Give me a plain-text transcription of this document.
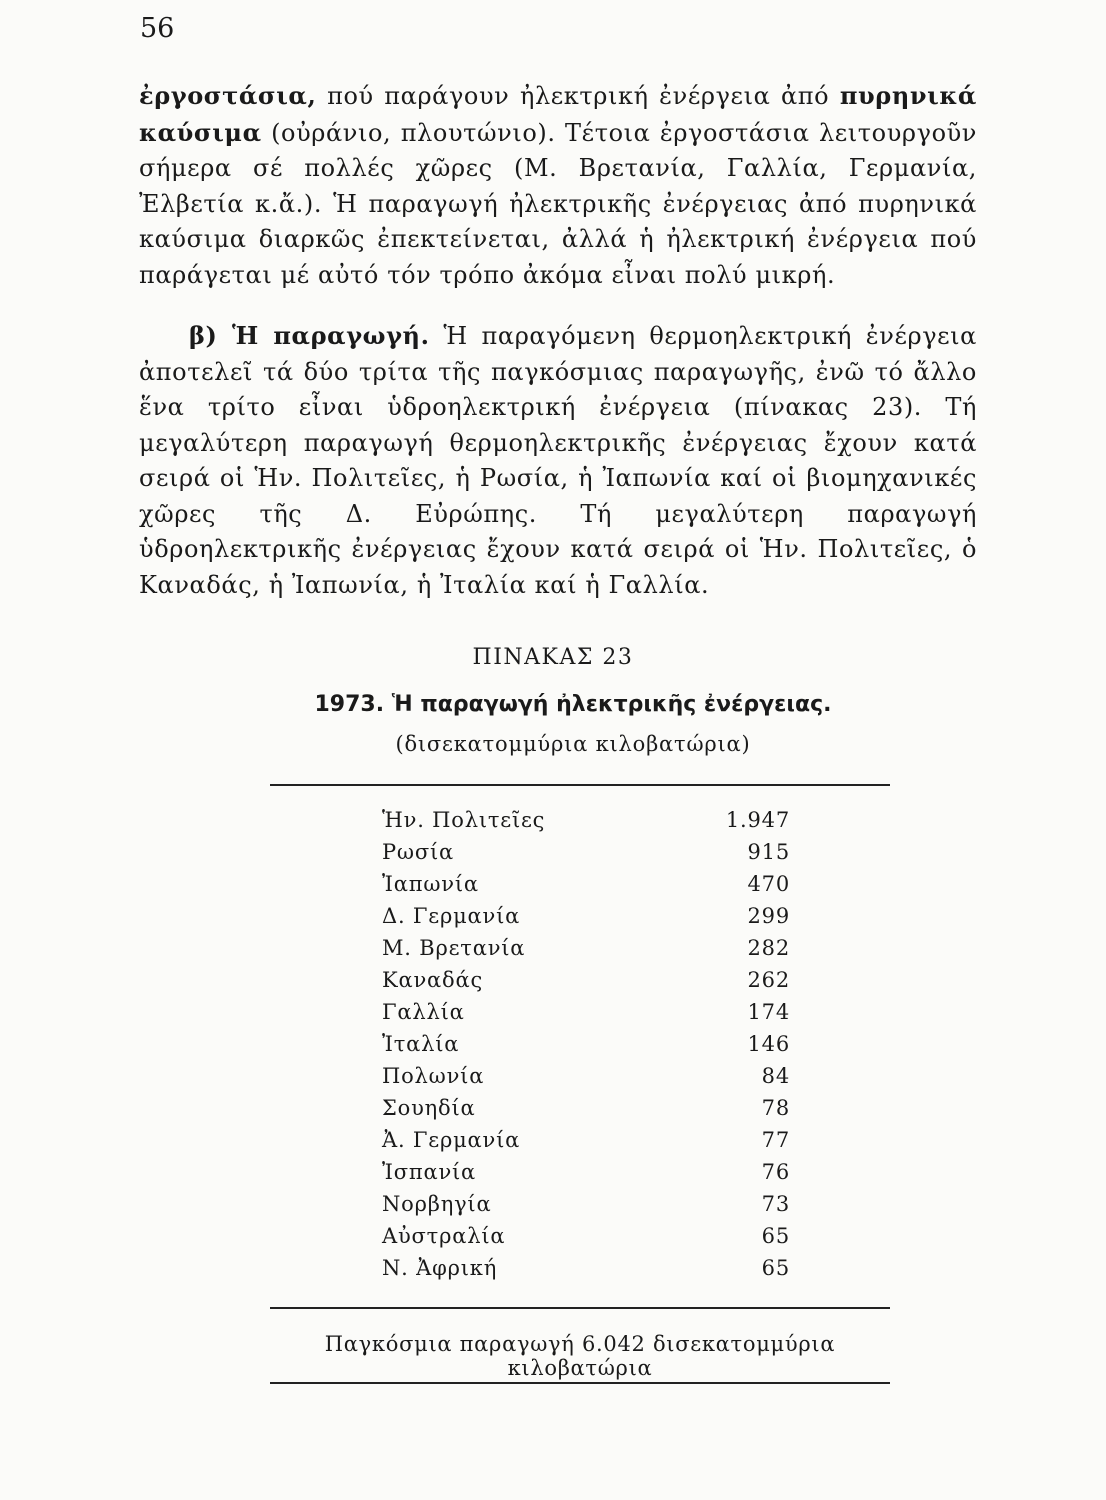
56

ἐργοστάσια, πού παράγουν ἠλεκτρική ἐνέργεια ἀπό πυρηνικά καύσιμα (οὐράνιο, πλουτώνιο). Τέτοια ἐργοστάσια λειτουργοῦν σήμερα σέ πολλές χῶρες (Μ. Βρετανία, Γαλλία, Γερμανία, Ἐλβετία κ.ἄ.). Ἡ παραγωγή ἠλεκτρικῆς ἐνέργειας ἀπό πυρηνικά καύσιμα διαρκῶς ἐπεκτείνεται, ἀλλά ἡ ἠλεκτρική ἐνέργεια πού παράγεται μέ αὐτό τόν τρόπο ἀκόμα εἶναι πολύ μικρή.

β) Ἡ παραγωγή. Ἡ παραγόμενη θερμοηλεκτρική ἐνέργεια ἀποτελεῖ τά δύο τρίτα τῆς παγκόσμιας παραγωγῆς, ἐνῶ τό ἄλλο ἕνα τρίτο εἶναι ὑδροηλεκτρική ἐνέργεια (πίνακας 23). Τή μεγαλύτερη παραγωγή θερμοηλεκτρικῆς ἐνέργειας ἔχουν κατά σειρά οἱ Ἡν. Πολιτεῖες, ἡ Ρωσία, ἡ Ἰαπωνία καί οἱ βιομηχανικές χῶρες τῆς Δ. Εὐρώπης. Τή μεγαλύτερη παραγωγή ὑδροηλεκτρικῆς ἐνέργειας ἔχουν κατά σειρά οἱ Ἡν. Πολιτεῖες, ὁ Καναδάς, ἡ Ἰαπωνία, ἡ Ἰταλία καί ἡ Γαλλία.

ΠΙΝΑΚΑΣ 23
1973. Ἡ παραγωγή ἠλεκτρικῆς ἐνέργειας.
(δισεκατομμύρια κιλοβατώρια)
Ἡν. Πολιτεῖες	1.947
Ρωσία	915
Ἰαπωνία	470
Δ. Γερμανία	299
Μ. Βρετανία	282
Καναδάς	262
Γαλλία	174
Ἰταλία	146
Πολωνία	84
Σουηδία	78
Ἀ. Γερμανία	77
Ἰσπανία	76
Νορβηγία	73
Αὐστραλία	65
Ν. Ἀφρική	65
Παγκόσμια παραγωγή 6.042 δισεκατομμύρια κιλοβατώρια
